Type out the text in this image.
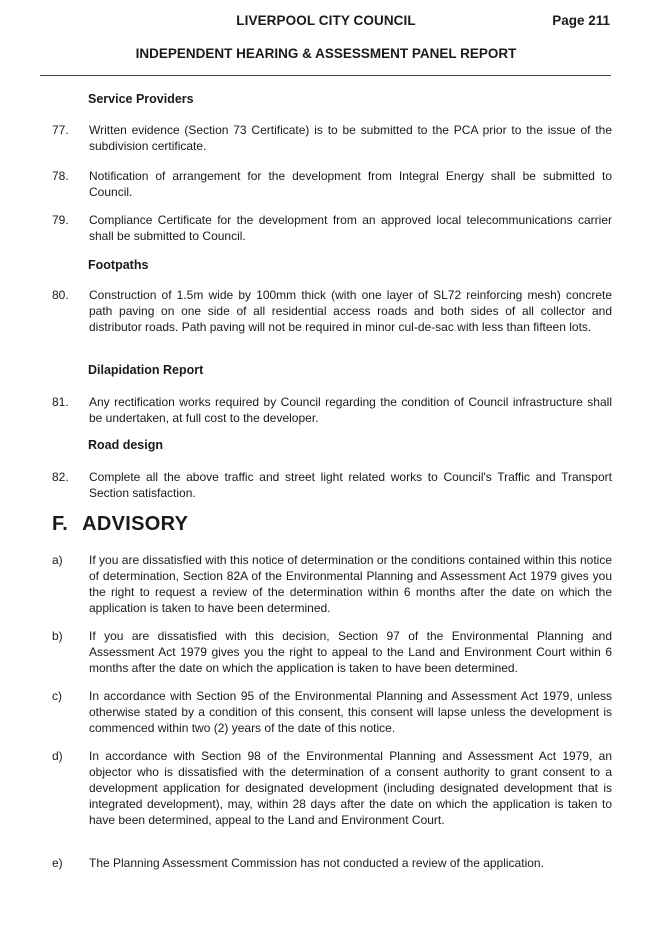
LIVERPOOL CITY COUNCIL	Page 211
INDEPENDENT HEARING & ASSESSMENT PANEL REPORT
Service Providers
77. Written evidence (Section 73 Certificate) is to be submitted to the PCA prior to the issue of the subdivision certificate.
78. Notification of arrangement for the development from Integral Energy shall be submitted to Council.
79. Compliance Certificate for the development from an approved local telecommunications carrier shall be submitted to Council.
Footpaths
80. Construction of 1.5m wide by 100mm thick (with one layer of SL72 reinforcing mesh) concrete path paving on one side of all residential access roads and both sides of all collector and distributor roads. Path paving will not be required in minor cul-de-sac with less than fifteen lots.
Dilapidation Report
81. Any rectification works required by Council regarding the condition of Council infrastructure shall be undertaken, at full cost to the developer.
Road design
82. Complete all the above traffic and street light related works to Council's Traffic and Transport Section satisfaction.
F. ADVISORY
a) If you are dissatisfied with this notice of determination or the conditions contained within this notice of determination, Section 82A of the Environmental Planning and Assessment Act 1979 gives you the right to request a review of the determination within 6 months after the date on which the application is taken to have been determined.
b) If you are dissatisfied with this decision, Section 97 of the Environmental Planning and Assessment Act 1979 gives you the right to appeal to the Land and Environment Court within 6 months after the date on which the application is taken to have been determined.
c) In accordance with Section 95 of the Environmental Planning and Assessment Act 1979, unless otherwise stated by a condition of this consent, this consent will lapse unless the development is commenced within two (2) years of the date of this notice.
d) In accordance with Section 98 of the Environmental Planning and Assessment Act 1979, an objector who is dissatisfied with the determination of a consent authority to grant consent to a development application for designated development (including designated development that is integrated development), may, within 28 days after the date on which the application is taken to have been determined, appeal to the Land and Environment Court.
e) The Planning Assessment Commission has not conducted a review of the application.
